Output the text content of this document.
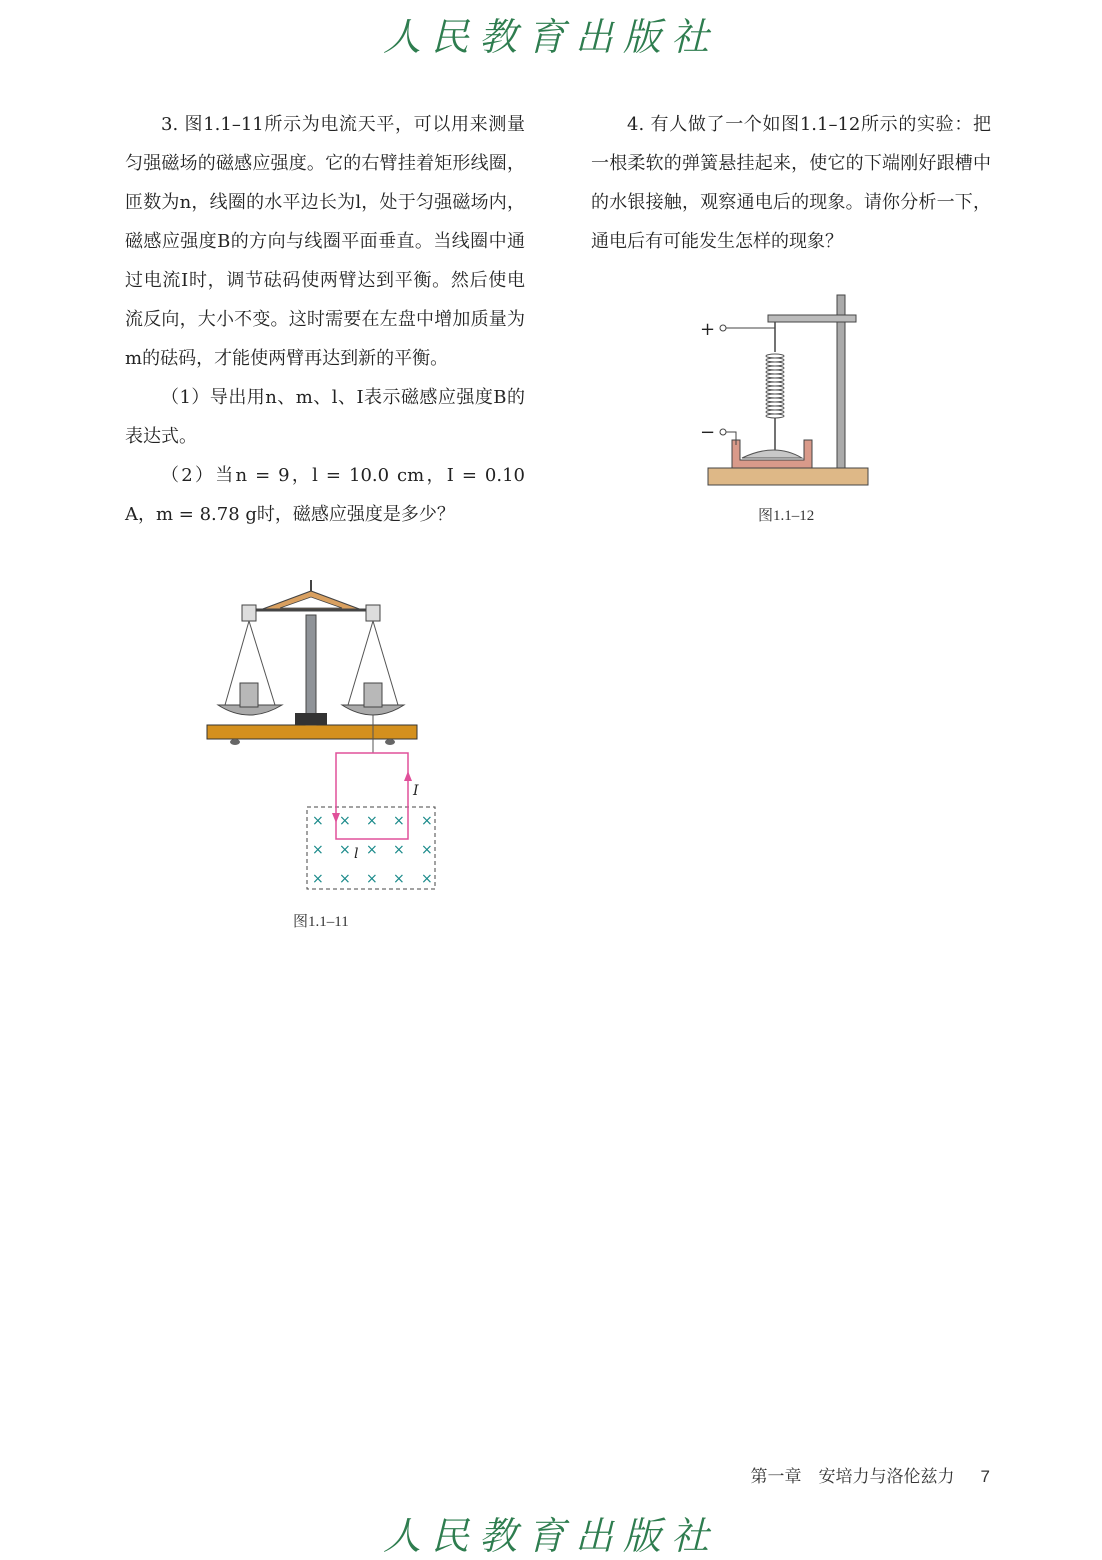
人民教育出版社

3. 图1.1–11所示为电流天平，可以用来测量匀强磁场的磁感应强度。它的右臂挂着矩形线圈，匝数为n，线圈的水平边长为l，处于匀强磁场内，磁感应强度B的方向与线圈平面垂直。当线圈中通过电流I时，调节砝码使两臂达到平衡。然后使电流反向，大小不变。这时需要在左盘中增加质量为m的砝码，才能使两臂再达到新的平衡。

（1）导出用n、m、l、I表示磁感应强度B的表达式。

（2）当n = 9，l = 10.0 cm，I = 0.10 A，m = 8.78 g时，磁感应强度是多少？

4. 有人做了一个如图1.1–12所示的实验：把一根柔软的弹簧悬挂起来，使它的下端刚好跟槽中的水银接触，观察通电后的现象。请你分析一下，通电后有可能发生怎样的现象？

× × × × ×
× × × × ×
× × × × ×
I
l
图1.1–11
+
−
图1.1–12
第一章　安培力与洛伦兹力 7
人民教育出版社
